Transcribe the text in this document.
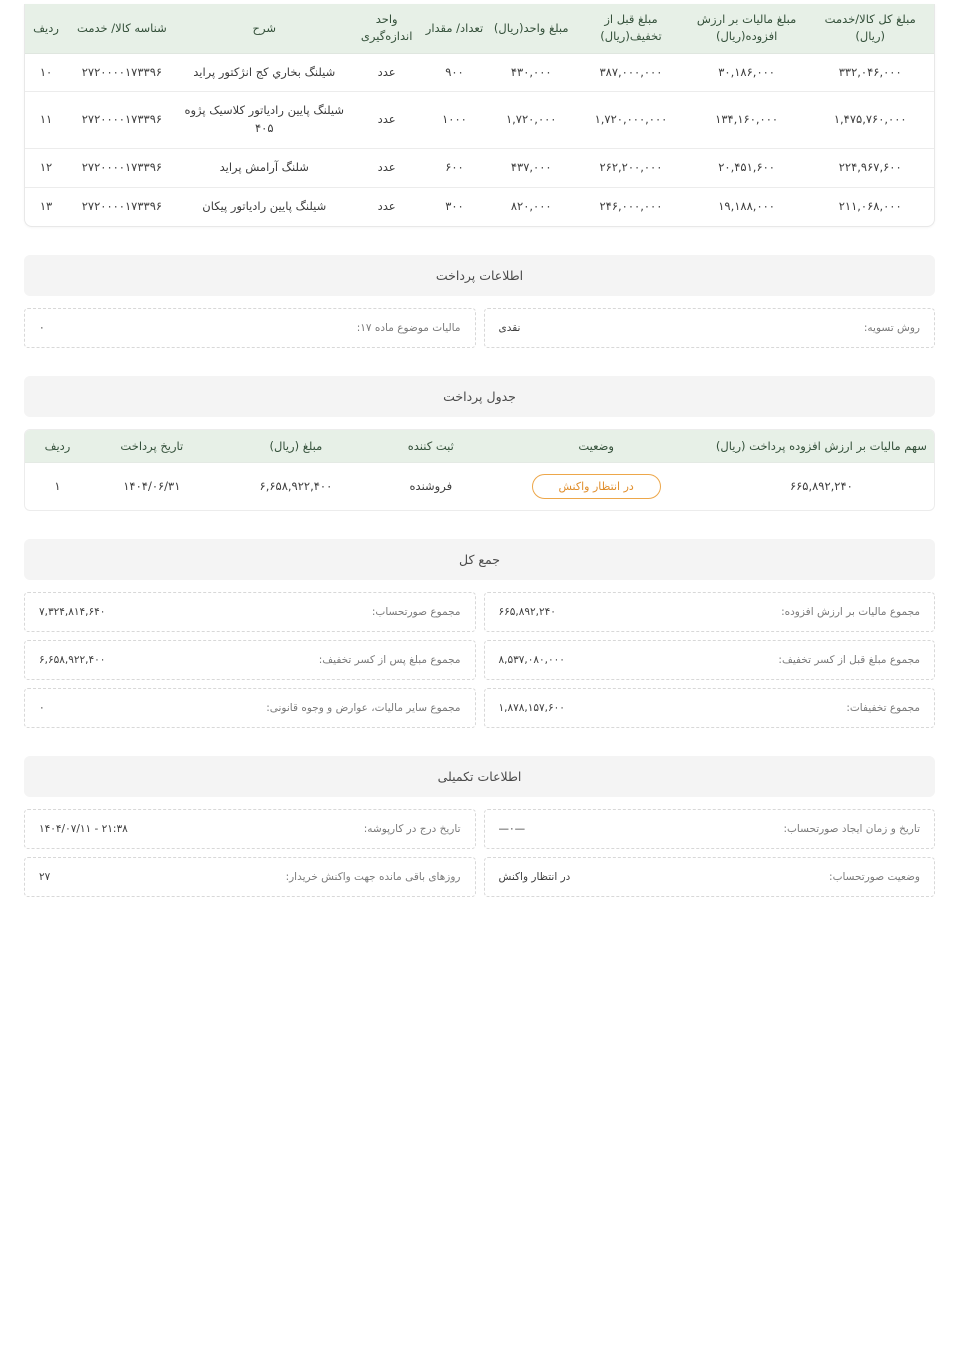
مبلغ کل کالا/خدمت (ریال)	مبلغ مالیات بر ارزش افزوده(ریال)	مبلغ قبل از تخفیف(ریال)	مبلغ واحد(ریال)	تعداد/ مقدار	واحد اندازه‌گیری	شرح	شناسه کالا/ خدمت	ردیف
۳۳۲,۰۴۶,۰۰۰	۳۰,۱۸۶,۰۰۰	۳۸۷,۰۰۰,۰۰۰	۴۳۰,۰۰۰	۹۰۰	عدد	شیلنگ بخاري کج انژکتور پراید	۲۷۲۰۰۰۰۱۷۳۳۹۶	۱۰
۱,۴۷۵,۷۶۰,۰۰۰	۱۳۴,۱۶۰,۰۰۰	۱,۷۲۰,۰۰۰,۰۰۰	۱,۷۲۰,۰۰۰	۱۰۰۰	عدد	شیلنگ پایین رادیاتور کلاسیک پژوه ۴۰۵	۲۷۲۰۰۰۰۱۷۳۳۹۶	۱۱
۲۲۴,۹۶۷,۶۰۰	۲۰,۴۵۱,۶۰۰	۲۶۲,۲۰۰,۰۰۰	۴۳۷,۰۰۰	۶۰۰	عدد	شلنگ آرامش پراید	۲۷۲۰۰۰۰۱۷۳۳۹۶	۱۲
۲۱۱,۰۶۸,۰۰۰	۱۹,۱۸۸,۰۰۰	۲۴۶,۰۰۰,۰۰۰	۸۲۰,۰۰۰	۳۰۰	عدد	شیلنگ پایین رادیاتور پیکان	۲۷۲۰۰۰۰۱۷۳۳۹۶	۱۳
اطلاعات پرداخت
روش تسویه:
نقدی
مالیات موضوع ماده ۱۷:
۰
جدول پرداخت
سهم مالیات بر ارزش افزوده پرداخت (ریال)	وضعیت	ثبت کننده	مبلغ (ریال)	تاریخ پرداخت	ردیف
۶۶۵,۸۹۲,۲۴۰	در انتظار واکنش	فروشنده	۶,۶۵۸,۹۲۲,۴۰۰	۱۴۰۴/۰۶/۳۱	۱
جمع کل
مجموع مالیات بر ارزش افزوده:
۶۶۵,۸۹۲,۲۴۰
مجموع صورتحساب:
۷,۳۲۴,۸۱۴,۶۴۰
مجموع مبلغ قبل از کسر تخفیف:
۸,۵۳۷,۰۸۰,۰۰۰
مجموع مبلغ پس از کسر تخفیف:
۶,۶۵۸,۹۲۲,۴۰۰
مجموع تخفیفات:
۱,۸۷۸,۱۵۷,۶۰۰
مجموع سایر مالیات، عوارض و وجوه قانونی:
۰
اطلاعات تکمیلی
تاریخ و زمان ایجاد صورتحساب:
—۰—
تاریخ درج در کارپوشه:
۱۴۰۴/۰۷/۱۱ - ۲۱:۳۸
وضعیت صورتحساب:
در انتظار واکنش
روزهای باقی مانده جهت واکنش خریدار:
۲۷
